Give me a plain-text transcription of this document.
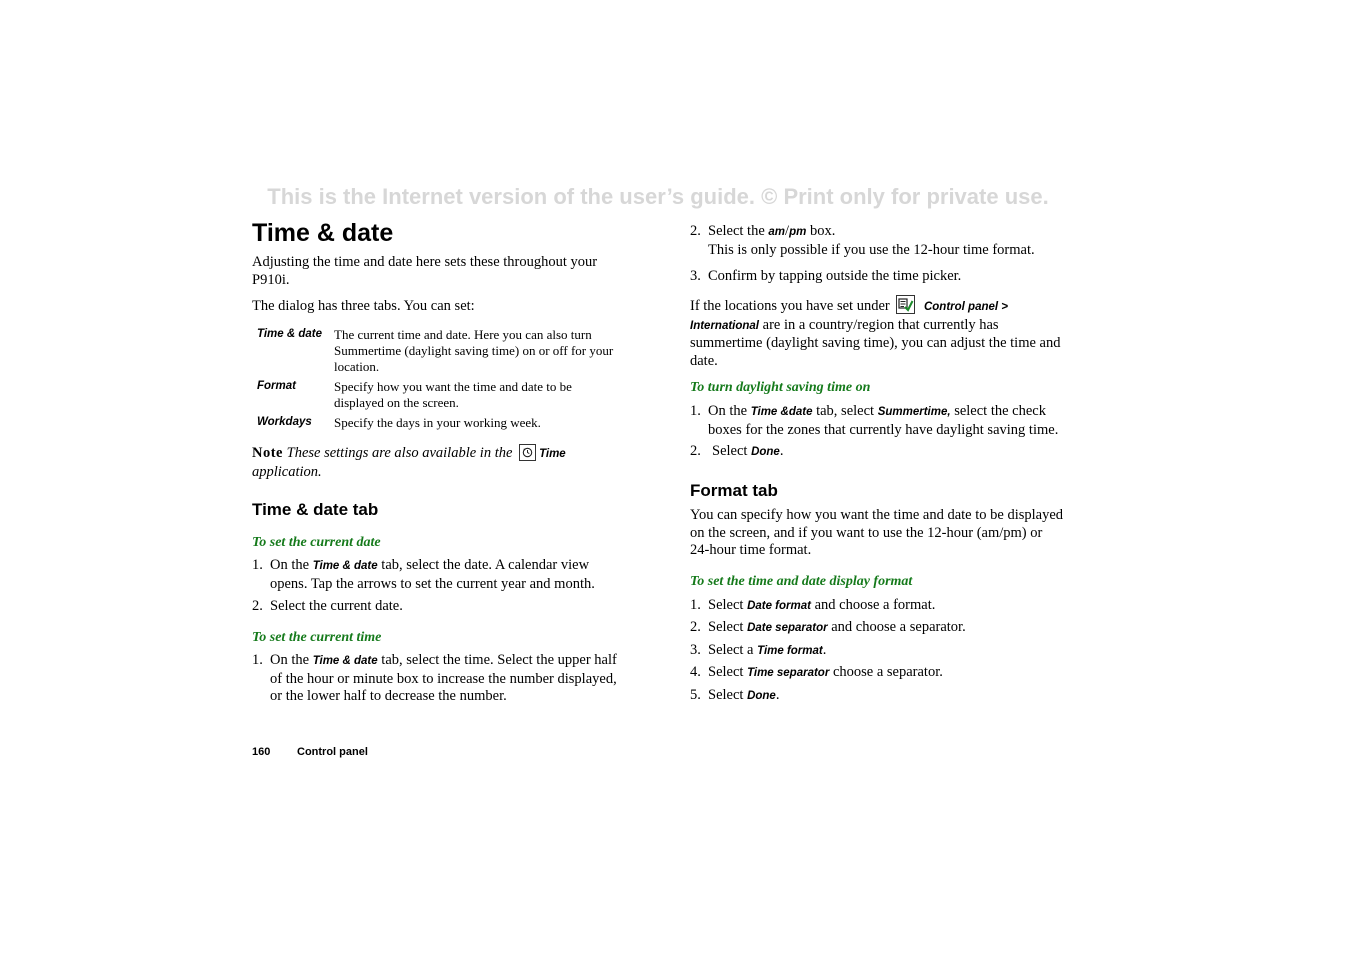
This is the Internet version of the user’s guide. © Print only for private use.
Time & date
Adjusting the time and date here sets these throughout your P910i.
The dialog has three tabs. You can set:
Time & date The current time and date. Here you can also turn Summertime (daylight saving time) on or off for your location.
Format	Specify how you want the time and date to be displayed on the screen.
Workdays Specify the days in your working week.
Note These settings are also available in the Time
application.
Time & date tab
To set the current date
1. On the Time & date tab, select the date. A calendar view opens. Tap the arrows to set the current year and month.
2. Select the current date.
To set the current time
1. On the Time & date tab, select the time. Select the upper half of the hour or minute box to increase the number displayed, or the lower half to decrease the number.
2. Select the am/pm box.
This is only possible if you use the 12-hour time format.
3. Confirm by tapping outside the time picker.
If the locations you have set under	Control panel >
International are in a country/region that currently has summertime (daylight saving time), you can adjust the time and date.
To turn daylight saving time on
1. On the Time &date tab, select Summertime, select the check boxes for the zones that currently have daylight saving time.
2. Select Done.
Format tab
You can specify how you want the time and date to be displayed on the screen, and if you want to use the 12-hour (am/pm) or 24-hour time format.
To set the time and date display format
1. Select Date format and choose a format.
2. Select Date separator and choose a separator.
3. Select a Time format.
4. Select Time separator choose a separator.
5. Select Done.
160 Control panel
